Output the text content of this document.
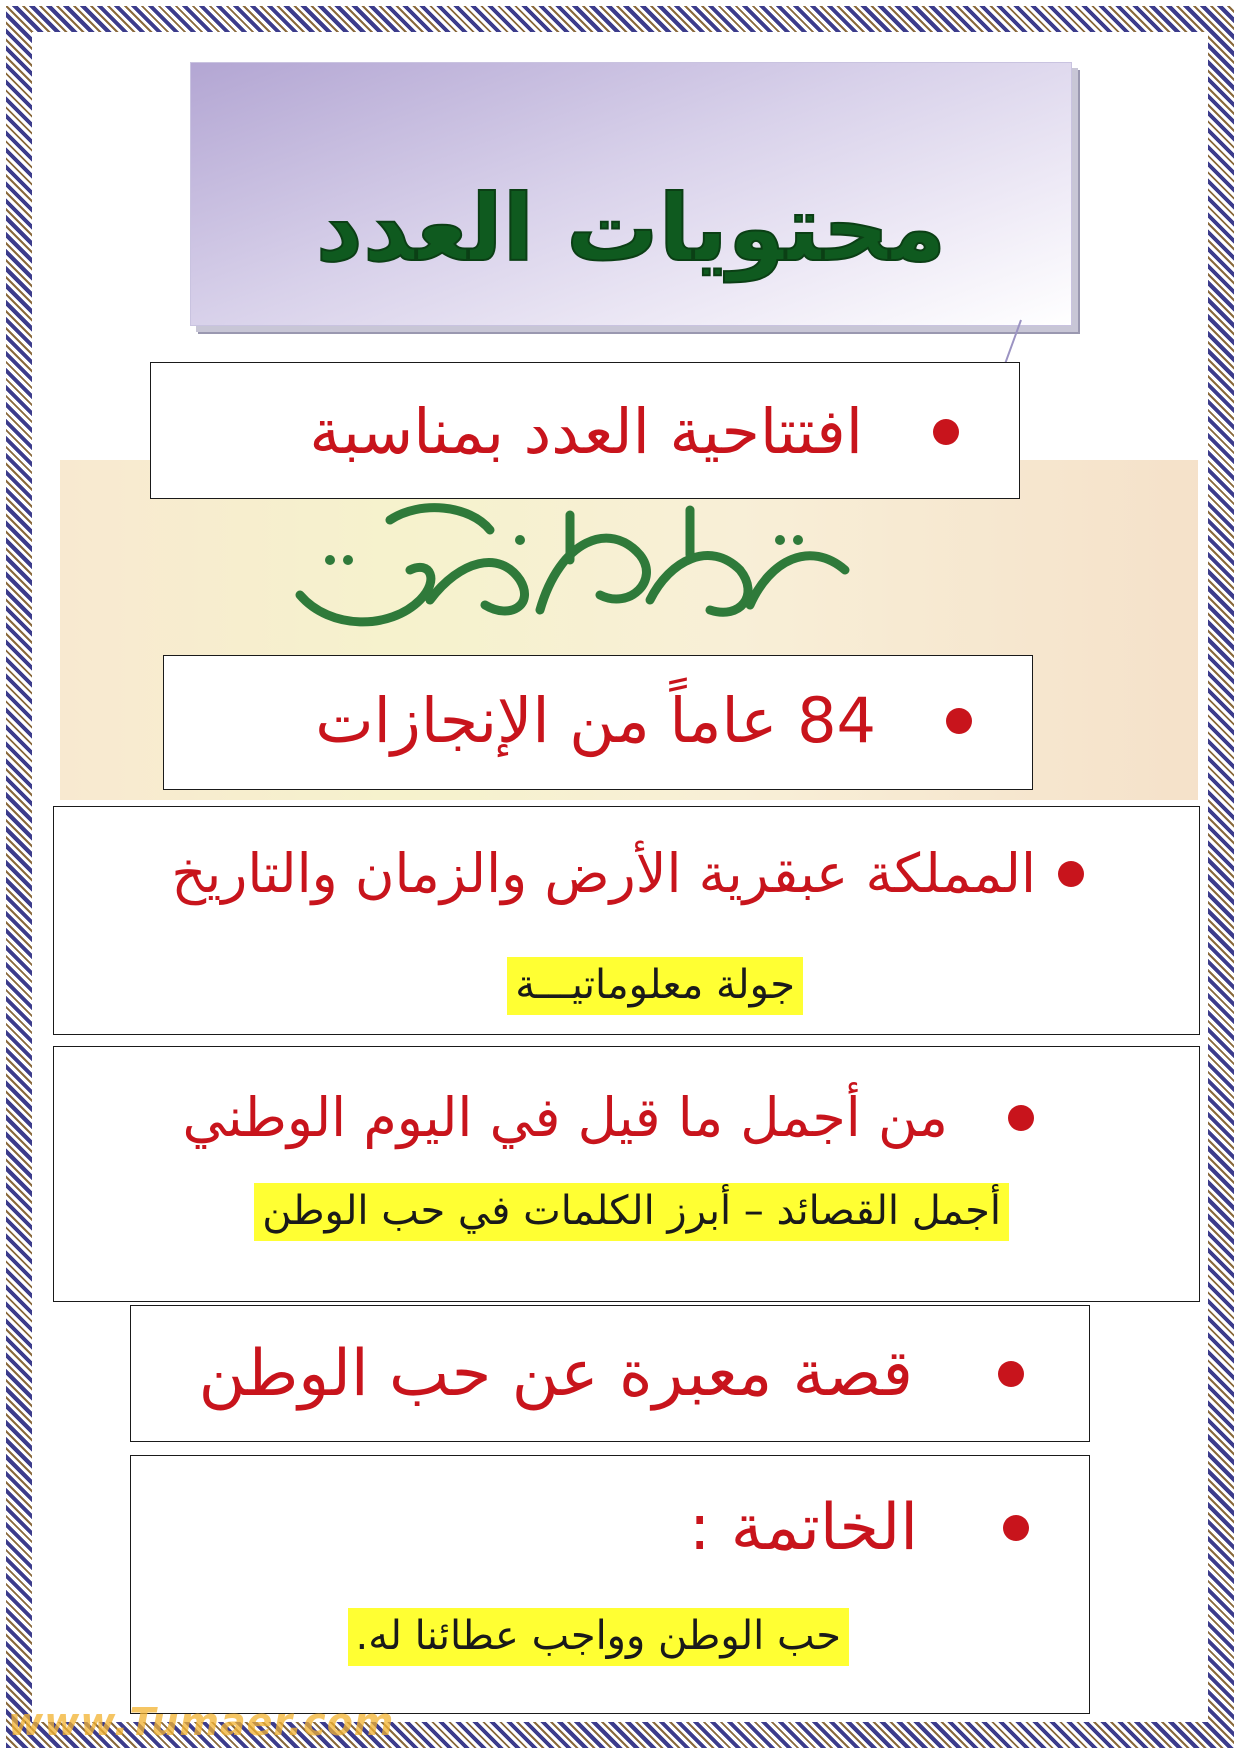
محتويات العدد
افتتاحية العدد بمناسبة
84 عاماً من الإنجازات
المملكة عبقرية الأرض والزمان والتاريخ
جولة معلوماتيـــة
من أجمل ما قيل في اليوم الوطني
أجمل القصائد – أبرز الكلمات في حب الوطن
قصة معبرة عن حب الوطن
الخاتمة :
حب الوطن وواجب عطائنا له.
www.Tumaer.com
